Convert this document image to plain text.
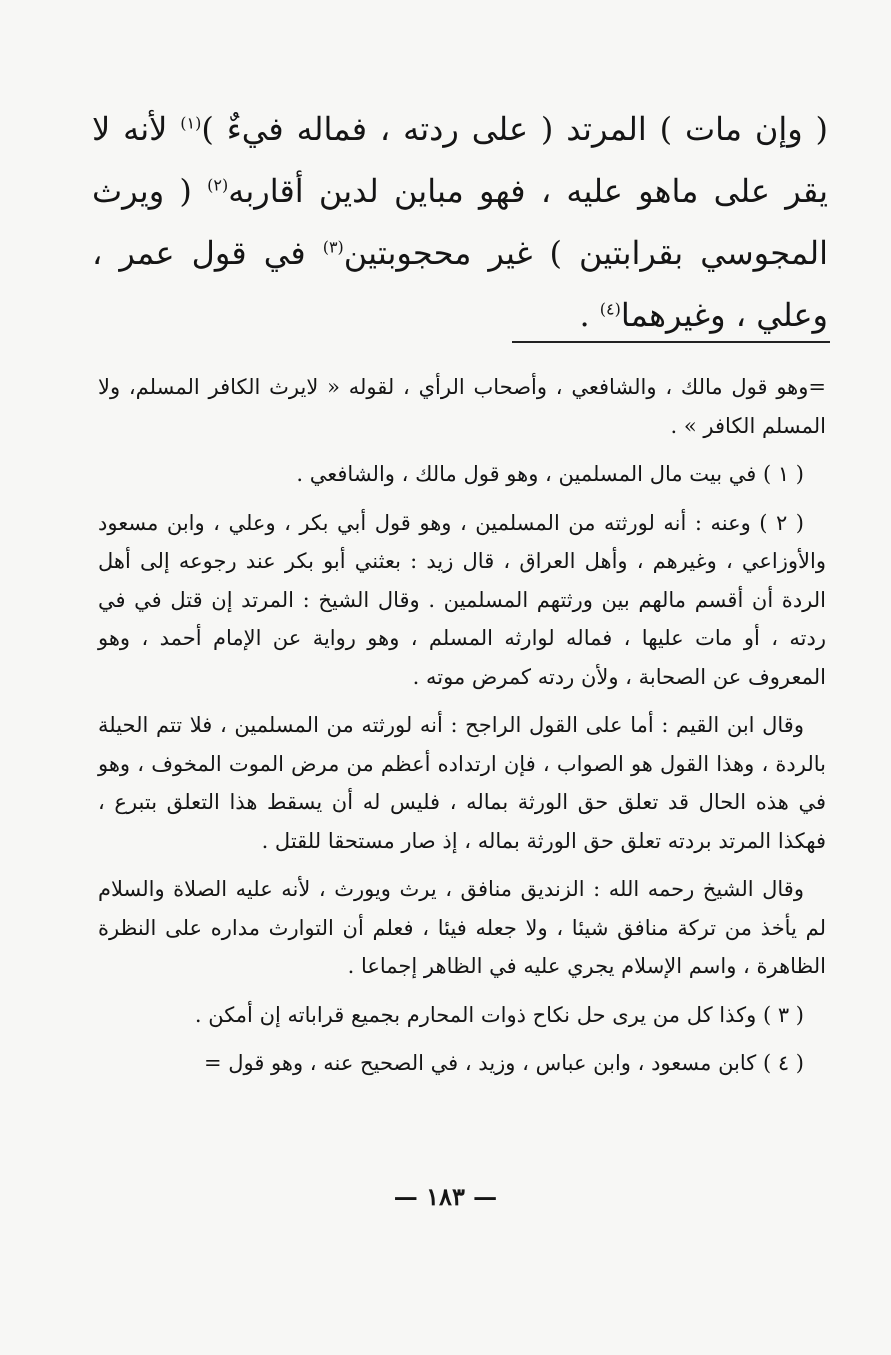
( وإن مات ) المرتد ( على ردته ، فماله فيءٌ )$^{(١)}$ لأنه لا يقر على ماهو عليه ، فهو مباين لدين أقاربه$^{(٢)}$ ( ويرث المجوسي بقرابتين ) غير محجوبتين$^{(٣)}$ في قول عمر ، وعلي ، وغيرهما$^{(٤)}$ .

=وهو قول مالك ، والشافعي ، وأصحاب الرأي ، لقوله « لايرث الكافر المسلم، ولا المسلم الكافر » .

( ١ ) في بيت مال المسلمين ، وهو قول مالك ، والشافعي .

( ٢ ) وعنه : أنه لورثته من المسلمين ، وهو قول أبي بكر ، وعلي ، وابن مسعود والأوزاعي ، وغيرهم ، وأهل العراق ، قال زيد : بعثني أبو بكر عند رجوعه إلى أهل الردة أن أقسم مالهم بين ورثتهم المسلمين . وقال الشيخ : المرتد إن قتل في في ردته ، أو مات عليها ، فماله لوارثه المسلم ، وهو رواية عن الإمام أحمد ، وهو المعروف عن الصحابة ، ولأن ردته كمرض موته .

وقال ابن القيم : أما على القول الراجح : أنه لورثته من المسلمين ، فلا تتم الحيلة بالردة ، وهذا القول هو الصواب ، فإن ارتداده أعظم من مرض الموت المخوف ، وهو في هذه الحال قد تعلق حق الورثة بماله ، فليس له أن يسقط هذا التعلق بتبرع ، فهكذا المرتد بردته تعلق حق الورثة بماله ، إذ صار مستحقا للقتل .

وقال الشيخ رحمه الله : الزنديق منافق ، يرث ويورث ، لأنه عليه الصلاة والسلام لم يأخذ من تركة منافق شيئا ، ولا جعله فيئا ، فعلم أن التوارث مداره على النظرة الظاهرة ، واسم الإسلام يجري عليه في الظاهر إجماعا .

( ٣ ) وكذا كل من يرى حل نكاح ذوات المحارم بجميع قراباته إن أمكن .

( ٤ ) كابن مسعود ، وابن عباس ، وزيد ، في الصحيح عنه ، وهو قول =

— ١٨٣ —
